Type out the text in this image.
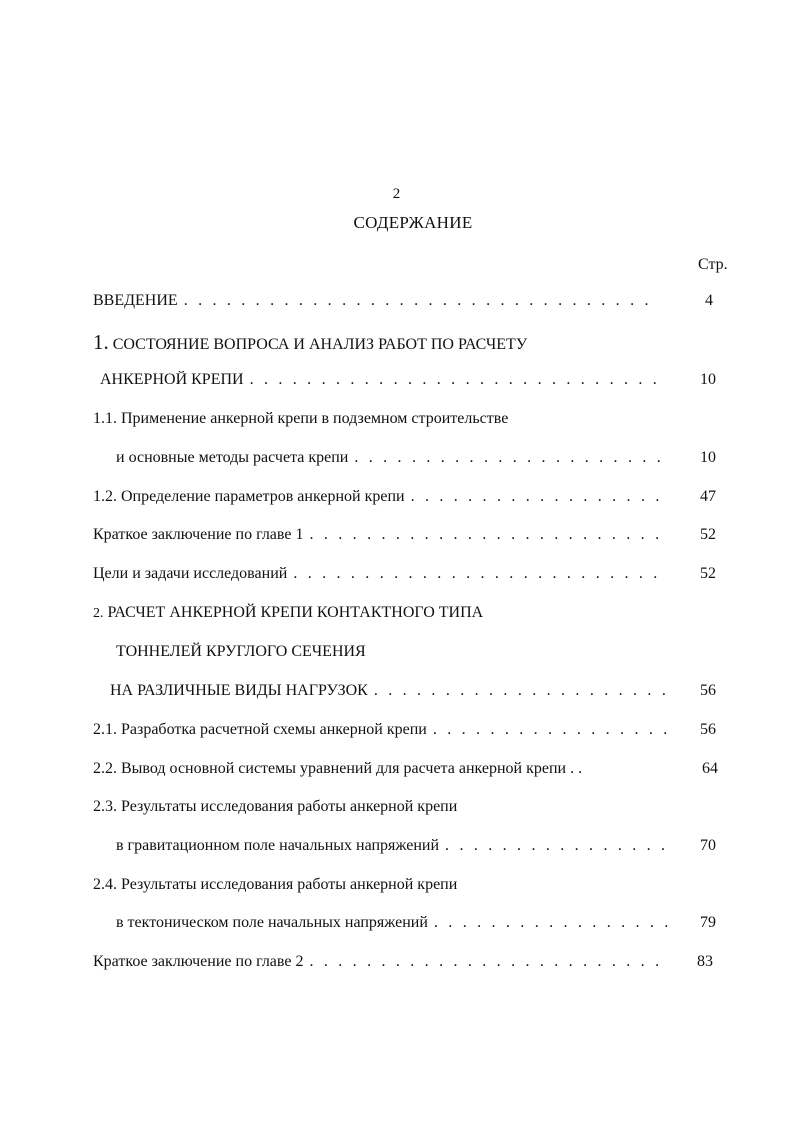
2
СОДЕРЖАНИЕ
Стр.
ВВЕДЕНИЕ . . .	4
1. СОСТОЯНИЕ ВОПРОСА И АНАЛИЗ РАБОТ ПО РАСЧЕТУ
АНКЕРНОЙ КРЕПИ . . .	10
1.1. Применение анкерной крепи в подземном строительстве
и основные методы расчета крепи . . .	10
1.2. Определение параметров анкерной крепи . . .	47
Краткое заключение по главе 1 . . .	52
Цели и задачи исследований . . .	52
2. РАСЧЕТ АНКЕРНОЙ КРЕПИ КОНТАКТНОГО ТИПА
ТОННЕЛЕЙ КРУГЛОГО СЕЧЕНИЯ
НА РАЗЛИЧНЫЕ ВИДЫ НАГРУЗОК . . .	56
2.1. Разработка расчетной схемы анкерной крепи . . .	56
2.2. Вывод основной системы уравнений для расчета анкерной крепи . .	64
2.3. Результаты исследования работы анкерной крепи
в гравитационном поле начальных напряжений . . .	70
2.4. Результаты исследования работы анкерной крепи
в тектоническом поле начальных напряжений . . .	79
Краткое заключение по главе 2 . . .	83
